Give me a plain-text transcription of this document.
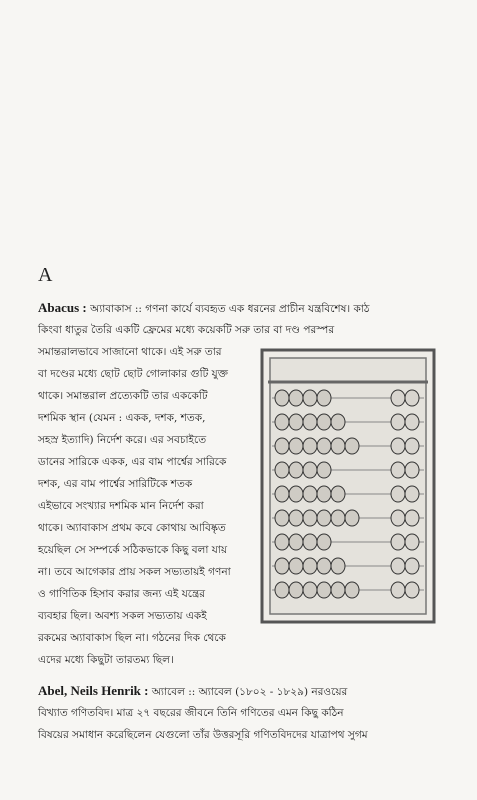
A
Abacus : অ্যাবাকাস :: গণনা কার্যে ব্যবহৃত এক ধরনের প্রাচীন যন্ত্রবিশেষ। কাঠ
কিংবা ধাতুর তৈরি একটি ফ্রেমের মধ্যে কয়েকটি সরু তার বা দণ্ড পরস্পর
সমান্তরালভাবে সাজানো থাকে। এই সরু তার
বা দণ্ডের মধ্যে ছোট ছোট গোলাকার গুটি যুক্ত
থাকে। সমান্তরাল প্রত্যেকটি তার এককেটি
দশমিক স্থান (যেমন : একক, দশক, শতক,
সহস্র ইত্যাদি) নির্দেশ করে। এর সবচাইতে
ডানের সারিকে একক, এর বাম পার্শ্বের সারিকে
দশক, এর বাম পার্শ্বের সারিটিকে শতক
এইভাবে সংখ্যার দশমিক মান নির্দেশ করা
থাকে। অ্যাবাকাস প্রথম কবে কোথায় আবিষ্কৃত
হয়েছিল সে সম্পর্কে সঠিকভাকে কিছু বলা যায়
না। তবে আগেকার প্রায় সকল সভ্যতায়ই গণনা
ও গাণিতিক হিসাব করার জন্য এই যন্ত্রের
ব্যবহার ছিল। অবশ্য সকল সভ্যতায় একই
রকমের অ্যাবাকাস ছিল না। গঠনের দিক থেকে
এদের মধ্যে কিছুটা তারতম্য ছিল।
Abel, Neils Henrik : অ্যাবেল :: অ্যাবেল (১৮০২ - ১৮২৯) নরওয়ের
বিখ্যাত গণিতবিদ। মাত্র ২৭ বছরের জীবনে তিনি গণিতের এমন কিছু কঠিন
বিষয়ের সমাধান করেছিলেন যেগুলো তাঁর উত্তরসূরি গণিতবিদদের যাত্রাপথ সুগম
